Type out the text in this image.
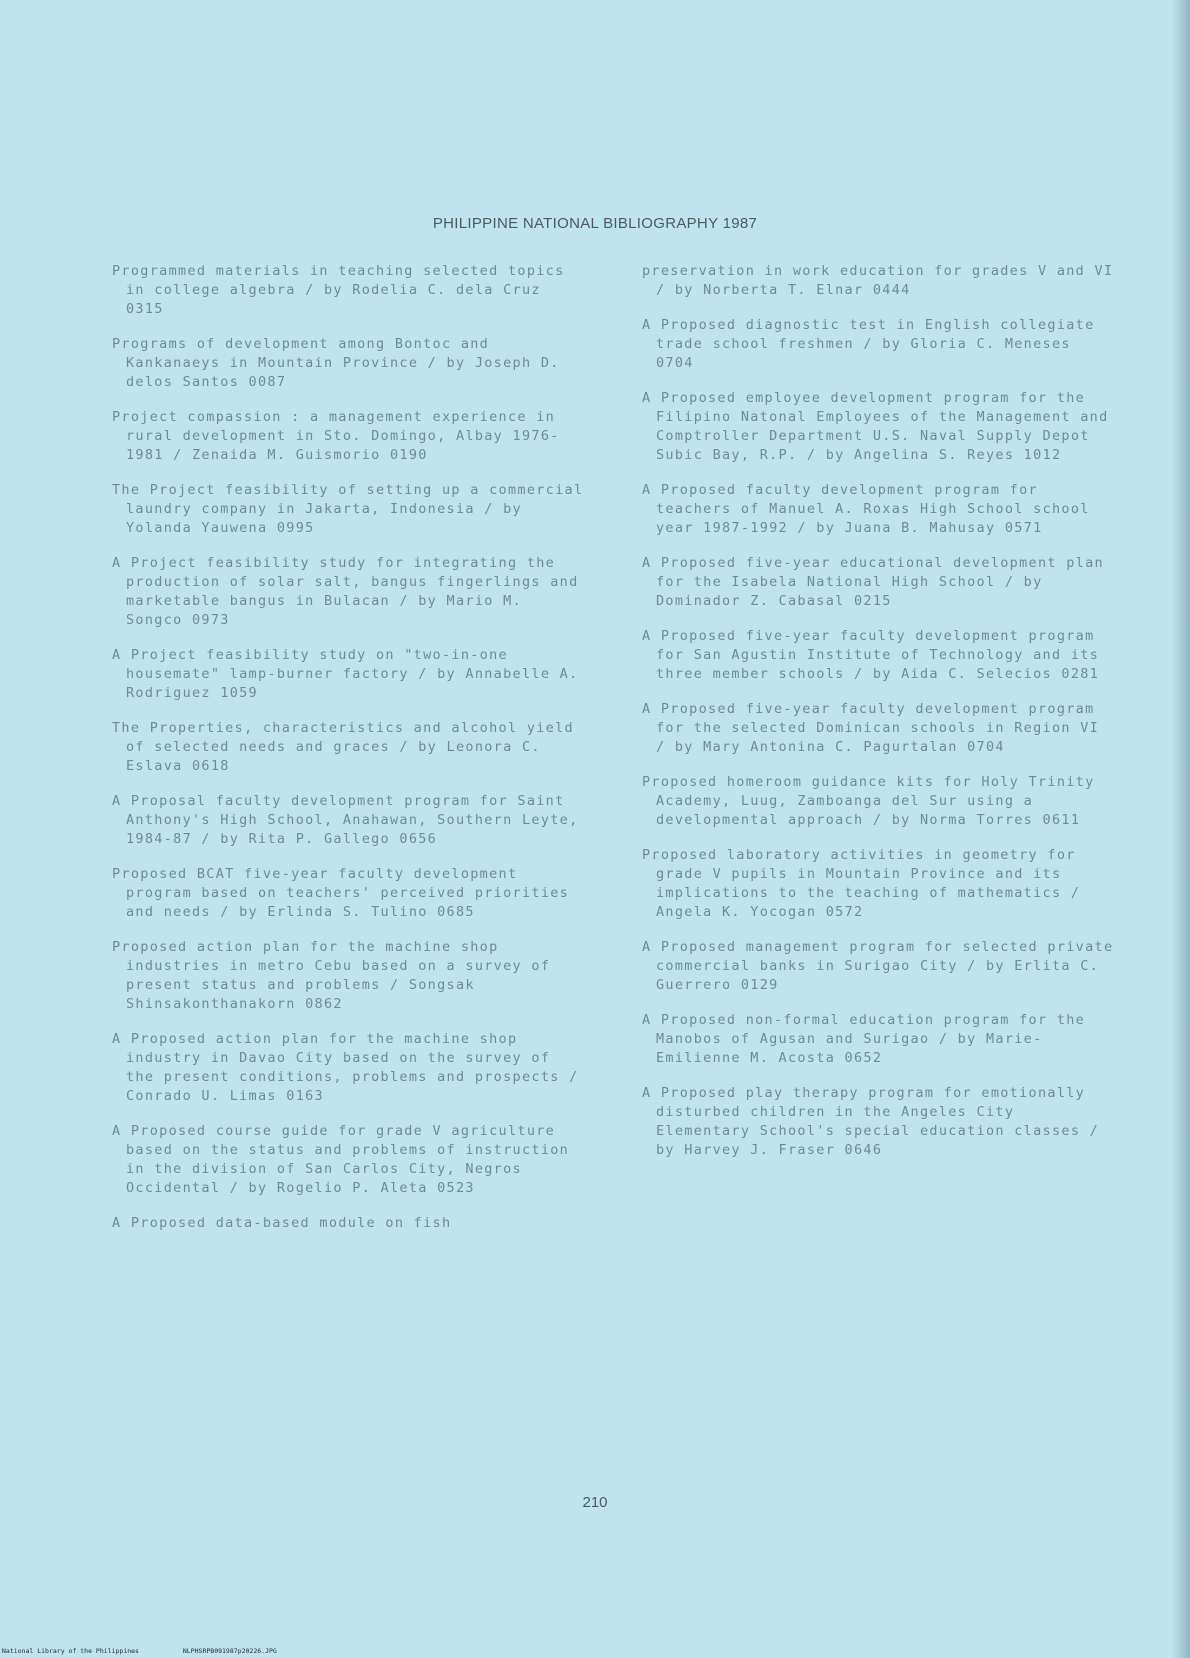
PHILIPPINE NATIONAL BIBLIOGRAPHY 1987

Programmed materials in teaching selected topics in college algebra / by Rodelia C. dela Cruz 0315

Programs of development among Bontoc and Kankanaeys in Mountain Province / by Joseph D. delos Santos 0087

Project compassion : a management experience in rural development in Sto. Domingo, Albay 1976-1981 / Zenaida M. Guismorio 0190

The Project feasibility of setting up a commercial laundry company in Jakarta, Indonesia / by Yolanda Yauwena 0995

A Project feasibility study for integrating the production of solar salt, bangus fingerlings and marketable bangus in Bulacan / by Mario M. Songco 0973

A Project feasibility study on "two-in-one housemate" lamp-burner factory / by Annabelle A. Rodriguez 1059

The Properties, characteristics and alcohol yield of selected needs and graces / by Leonora C. Eslava 0618

A Proposal faculty development program for Saint Anthony's High School, Anahawan, Southern Leyte, 1984-87 / by Rita P. Gallego 0656

Proposed BCAT five-year faculty development program based on teachers' perceived priorities and needs / by Erlinda S. Tulino 0685

Proposed action plan for the machine shop industries in metro Cebu based on a survey of present status and problems / Songsak Shinsakonthanakorn 0862

A Proposed action plan for the machine shop industry in Davao City based on the survey of the present conditions, problems and prospects / Conrado U. Limas 0163

A Proposed course guide for grade V agriculture based on the status and problems of instruction in the division of San Carlos City, Negros Occidental / by Rogelio P. Aleta 0523

A Proposed data-based module on fish

preservation in work education for grades V and VI / by Norberta T. Elnar 0444

A Proposed diagnostic test in English collegiate trade school freshmen / by Gloria C. Meneses 0704

A Proposed employee development program for the Filipino Natonal Employees of the Management and Comptroller Department U.S. Naval Supply Depot Subic Bay, R.P. / by Angelina S. Reyes 1012

A Proposed faculty development program for teachers of Manuel A. Roxas High School school year 1987-1992 / by Juana B. Mahusay 0571

A Proposed five-year educational development plan for the Isabela National High School / by Dominador Z. Cabasal 0215

A Proposed five-year faculty development program for San Agustin Institute of Technology and its three member schools / by Aida C. Selecios 0281

A Proposed five-year faculty development program for the selected Dominican schools in Region VI / by Mary Antonina C. Pagurtalan 0704

Proposed homeroom guidance kits for Holy Trinity Academy, Luug, Zamboanga del Sur using a developmental approach / by Norma Torres 0611

Proposed laboratory activities in geometry for grade V pupils in Mountain Province and its implications to the teaching of mathematics / Angela K. Yocogan 0572

A Proposed management program for selected private commercial banks in Surigao City / by Erlita C. Guerrero 0129

A Proposed non-formal education program for the Manobos of Agusan and Surigao / by Marie-Emilienne M. Acosta 0652

A Proposed play therapy program for emotionally disturbed children in the Angeles City Elementary School's special education classes / by Harvey J. Fraser 0646

210
National Library of the Philippines	NLPHSRPB091987p20226.JPG
